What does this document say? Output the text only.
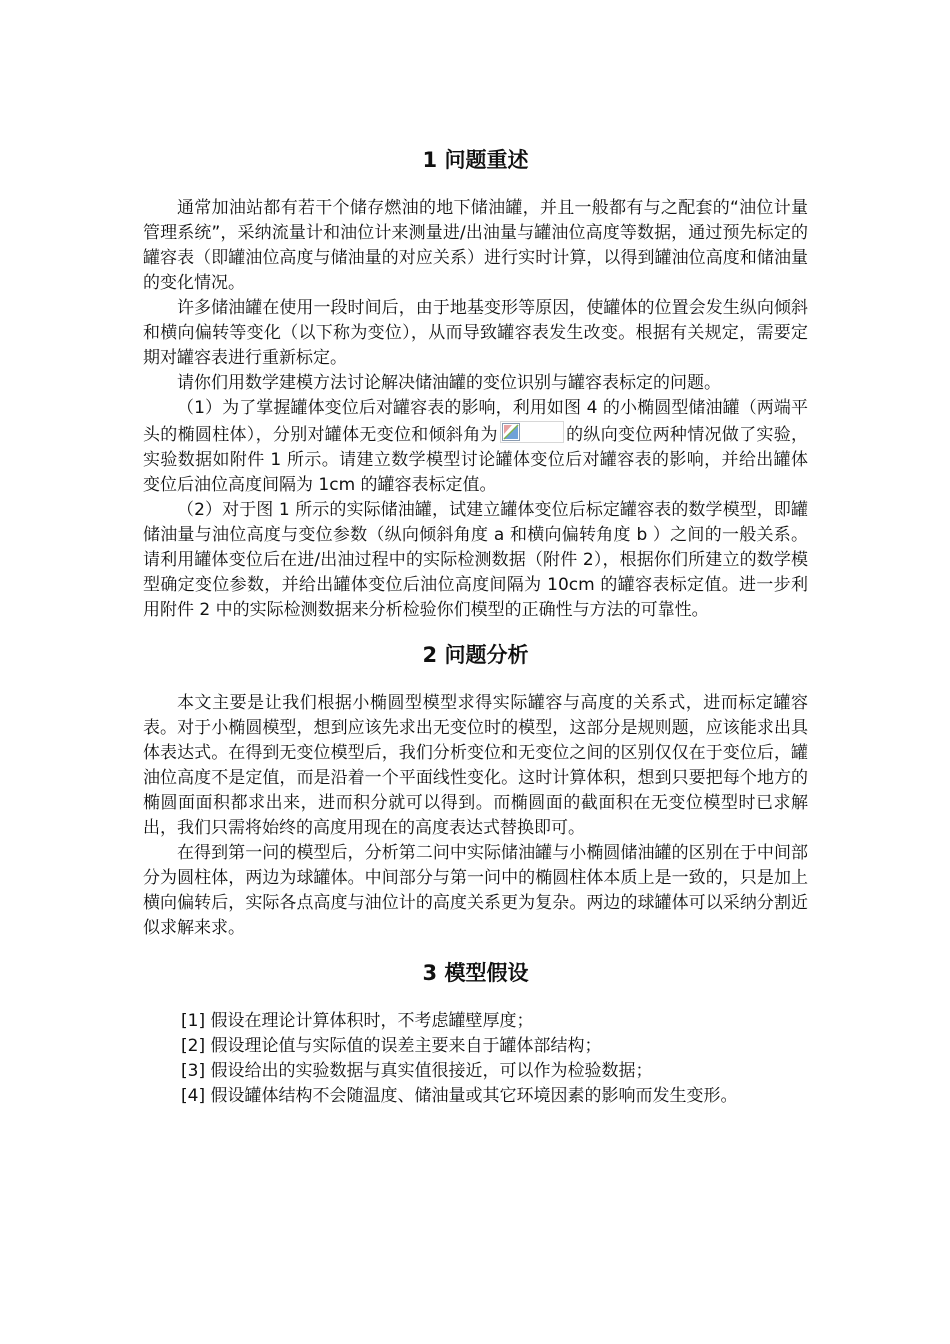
1 问题重述

通常加油站都有若干个储存燃油的地下储油罐，并且一般都有与之配套的“油位计量管理系统”，采纳流量计和油位计来测量进/出油量与罐油位高度等数据，通过预先标定的罐容表（即罐油位高度与储油量的对应关系）进行实时计算，以得到罐油位高度和储油量的变化情况。

许多储油罐在使用一段时间后，由于地基变形等原因，使罐体的位置会发生纵向倾斜和横向偏转等变化（以下称为变位），从而导致罐容表发生改变。根据有关规定，需要定期对罐容表进行重新标定。

请你们用数学建模方法讨论解决储油罐的变位识别与罐容表标定的问题。

（1）为了掌握罐体变位后对罐容表的影响，利用如图 4 的小椭圆型储油罐（两端平头的椭圆柱体），分别对罐体无变位和倾斜角为	的纵向变位两种情况做了实验，实验数据如附件 1 所示。请建立数学模型讨论罐体变位后对罐容表的影响，并给出罐体变位后油位高度间隔为 1cm 的罐容表标定值。

（2）对于图 1 所示的实际储油罐，试建立罐体变位后标定罐容表的数学模型，即罐储油量与油位高度与变位参数（纵向倾斜角度 a 和横向偏转角度 b ）之间的一般关系。请利用罐体变位后在进/出油过程中的实际检测数据（附件 2），根据你们所建立的数学模型确定变位参数，并给出罐体变位后油位高度间隔为 10cm 的罐容表标定值。进一步利用附件 2 中的实际检测数据来分析检验你们模型的正确性与方法的可靠性。

2 问题分析

本文主要是让我们根据小椭圆型模型求得实际罐容与高度的关系式，进而标定罐容表。对于小椭圆模型，想到应该先求出无变位时的模型，这部分是规则题，应该能求出具体表达式。在得到无变位模型后，我们分析变位和无变位之间的区别仅仅在于变位后，罐油位高度不是定值，而是沿着一个平面线性变化。这时计算体积，想到只要把每个地方的椭圆面面积都求出来，进而积分就可以得到。而椭圆面的截面积在无变位模型时已求解出，我们只需将始终的高度用现在的高度表达式替换即可。

在得到第一问的模型后，分析第二问中实际储油罐与小椭圆储油罐的区别在于中间部分为圆柱体，两边为球罐体。中间部分与第一问中的椭圆柱体本质上是一致的，只是加上横向偏转后，实际各点高度与油位计的高度关系更为复杂。两边的球罐体可以采纳分割近似求解来求。

3 模型假设

[1] 假设在理论计算体积时，不考虑罐壁厚度；

[2] 假设理论值与实际值的误差主要来自于罐体部结构；

[3] 假设给出的实验数据与真实值很接近，可以作为检验数据；

[4] 假设罐体结构不会随温度、储油量或其它环境因素的影响而发生变形。
